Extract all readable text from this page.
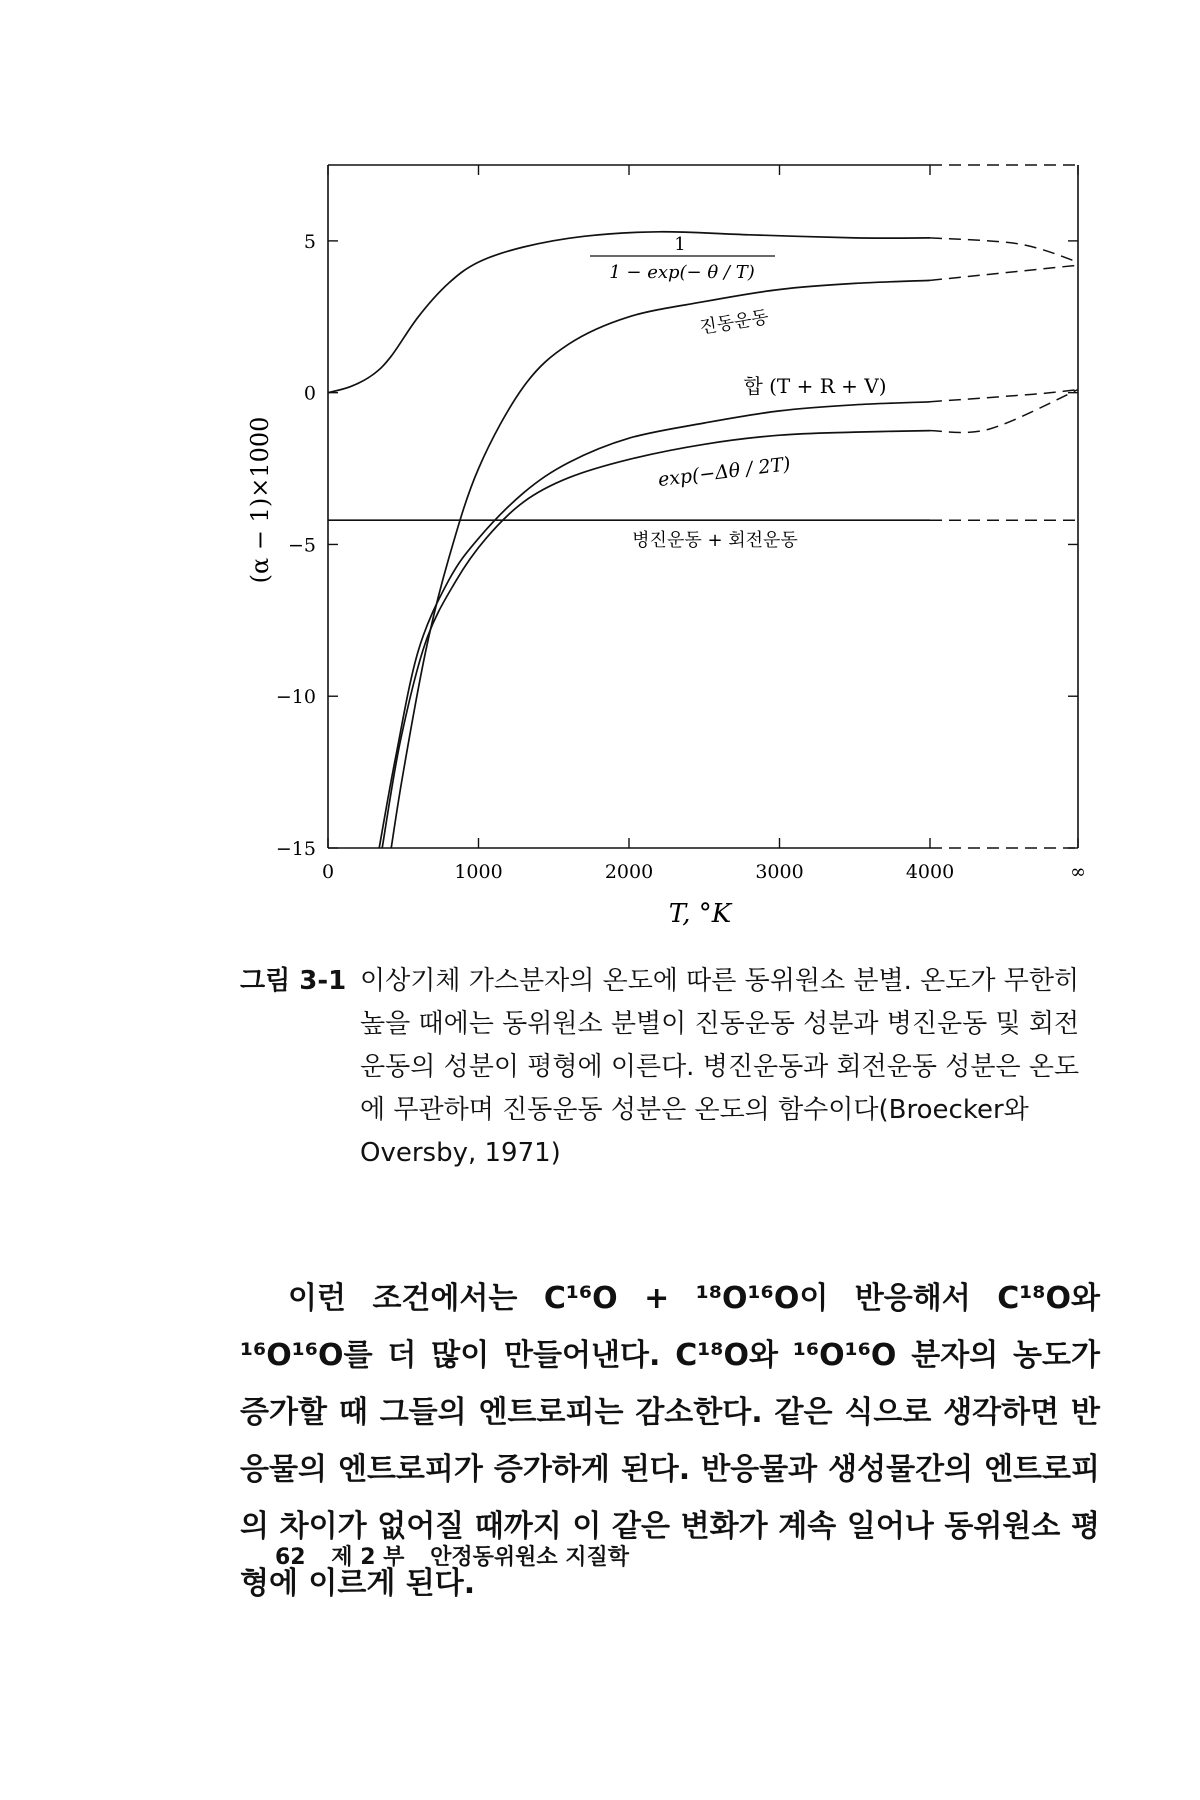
0	1000	2000	3000	4000	∞
5
0
−5
−10
−15
T, °K
(α − 1)×1000
1
1 − exp(− θ / T)
진동운동
합 (T + R + V)
exp(−Δθ / 2T)
병진운동 + 회전운동
그림 3-1 이상기체 가스분자의 온도에 따른 동위원소 분별. 온도가 무한히 높을 때에는 동위원소 분별이 진동운동 성분과 병진운동 및 회전운동의 성분이 평형에 이른다. 병진운동과 회전운동 성분은 온도에 무관하며 진동운동 성분은 온도의 함수이다(Broecker와 Oversby, 1971)

이런 조건에서는 C¹⁶O + ¹⁸O¹⁶O이 반응해서 C¹⁸O와 ¹⁶O¹⁶O를 더 많이 만들어낸다. C¹⁸O와 ¹⁶O¹⁶O 분자의 농도가 증가할 때 그들의 엔트로피는 감소한다. 같은 식으로 생각하면 반응물의 엔트로피가 증가하게 된다. 반응물과 생성물간의 엔트로피의 차이가 없어질 때까지 이 같은 변화가 계속 일어나 동위원소 평형에 이르게 된다.

62 제 2 부 안정동위원소 지질학
